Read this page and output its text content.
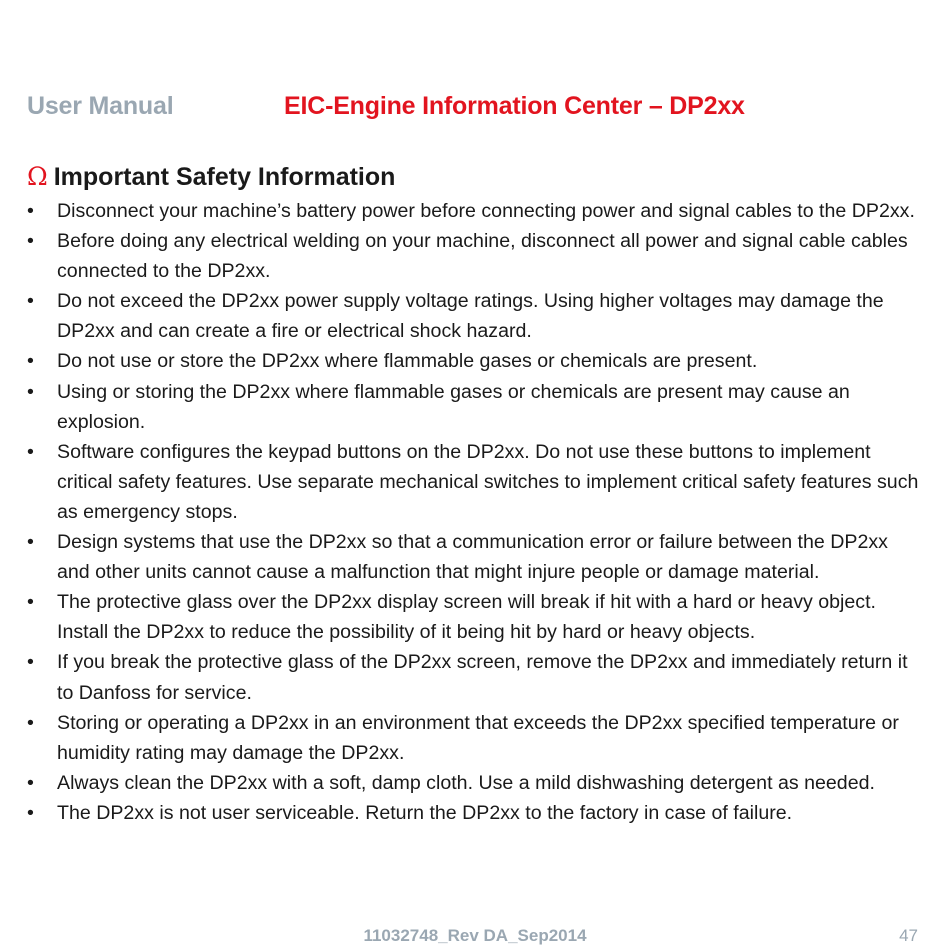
User Manual	EIC-Engine Information Center – DP2xx
Ω Important Safety Information
• Disconnect your machine’s battery power before connecting power and signal cables to the DP2xx.
• Before doing any electrical welding on your machine, disconnect all power and signal cable cables connected to the DP2xx.
• Do not exceed the DP2xx power supply voltage ratings. Using higher voltages may damage the DP2xx and can create a fire or electrical shock hazard.
• Do not use or store the DP2xx where flammable gases or chemicals are present.
• Using or storing the DP2xx where flammable gases or chemicals are present may cause an explosion.
• Software configures the keypad buttons on the DP2xx. Do not use these buttons to implement critical safety features. Use separate mechanical switches to implement critical safety features such as emergency stops.
• Design systems that use the DP2xx so that a communication error or failure between the DP2xx and other units cannot cause a malfunction that might injure people or damage material.
• The protective glass over the DP2xx display screen will break if hit with a hard or heavy object. Install the DP2xx to reduce the possibility of it being hit by hard or heavy objects.
• If you break the protective glass of the DP2xx screen, remove the DP2xx and immediately return it to Danfoss for service.
• Storing or operating a DP2xx in an environment that exceeds the DP2xx specified temperature or humidity rating may damage the DP2xx.
• Always clean the DP2xx with a soft, damp cloth. Use a mild dishwashing detergent as needed.
• The DP2xx is not user serviceable. Return the DP2xx to the factory in case of failure.
11032748_Rev DA_Sep2014	47
